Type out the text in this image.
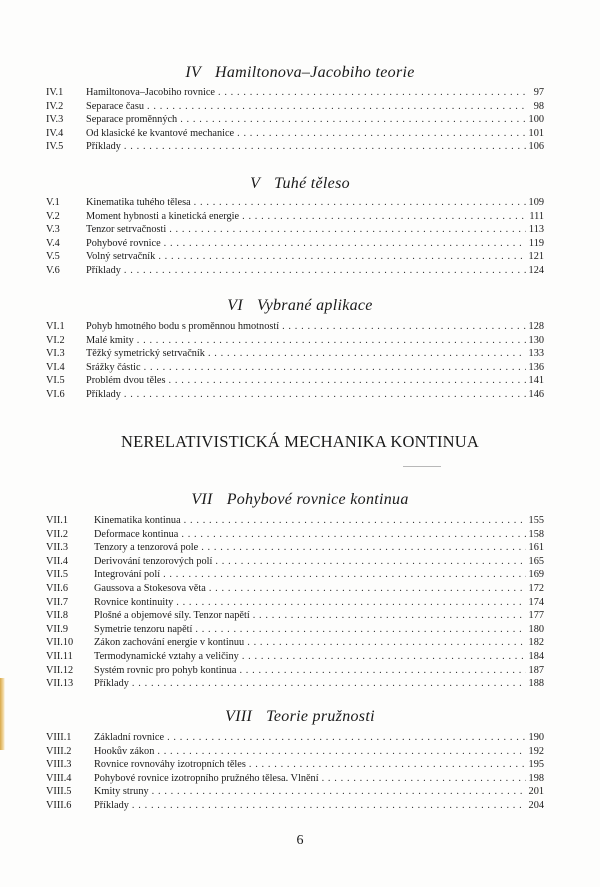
IV Hamiltonova–Jacobiho teorie
IV.1 Hamiltonova–Jacobiho rovnice . . .	97
IV.2 Separace času . . .	98
IV.3 Separace proměnných . . .	100
IV.4 Od klasické ke kvantové mechanice . . .	101
IV.5 Příklady . . .	106
V Tuhé těleso
V.1	Kinematika tuhého tělesa . . .	109
V.2	Moment hybnosti a kinetická energie . . .	111
V.3	Tenzor setrvačnosti . . .	113
V.4	Pohybové rovnice . . .	119
V.5	Volný setrvačník . . .	121
V.6	Příklady . . .	124
VI Vybrané aplikace
VI.1 Pohyb hmotného bodu s proměnnou hmotností . . .	128
VI.2 Malé kmity . . .	130
VI.3 Těžký symetrický setrvačník . . .	133
VI.4 Srážky částic . . .	136
VI.5 Problém dvou těles . . .	141
VI.6 Příklady . . .	146
NERELATIVISTICKÁ MECHANIKA KONTINUA
VII Pohybové rovnice kontinua
VII.1	Kinematika kontinua . . .	155
VII.2	Deformace kontinua . . .	158
VII.3	Tenzory a tenzorová pole . . .	161
VII.4	Derivování tenzorových polí . . .	165
VII.5	Integrování polí . . .	169
VII.6	Gaussova a Stokesova věta . . .	172
VII.7	Rovnice kontinuity . . .	174
VII.8	Plošné a objemové síly. Tenzor napětí . . .	177
VII.9	Symetrie tenzoru napětí . . .	180
VII.10 Zákon zachování energie v kontinuu . . .	182
VII.11 Termodynamické vztahy a veličiny . . .	184
VII.12 Systém rovnic pro pohyb kontinua . . .	187
VII.13 Příklady . . .	188
VIII Teorie pružnosti
VIII.1 Základní rovnice . . .	190
VIII.2 Hookův zákon . . .	192
VIII.3 Rovnice rovnováhy izotropních těles . . .	195
VIII.4 Pohybové rovnice izotropního pružného tělesa. Vlnění . . .	198
VIII.5 Kmity struny . . .	201
VIII.6 Příklady . . .	204
6
